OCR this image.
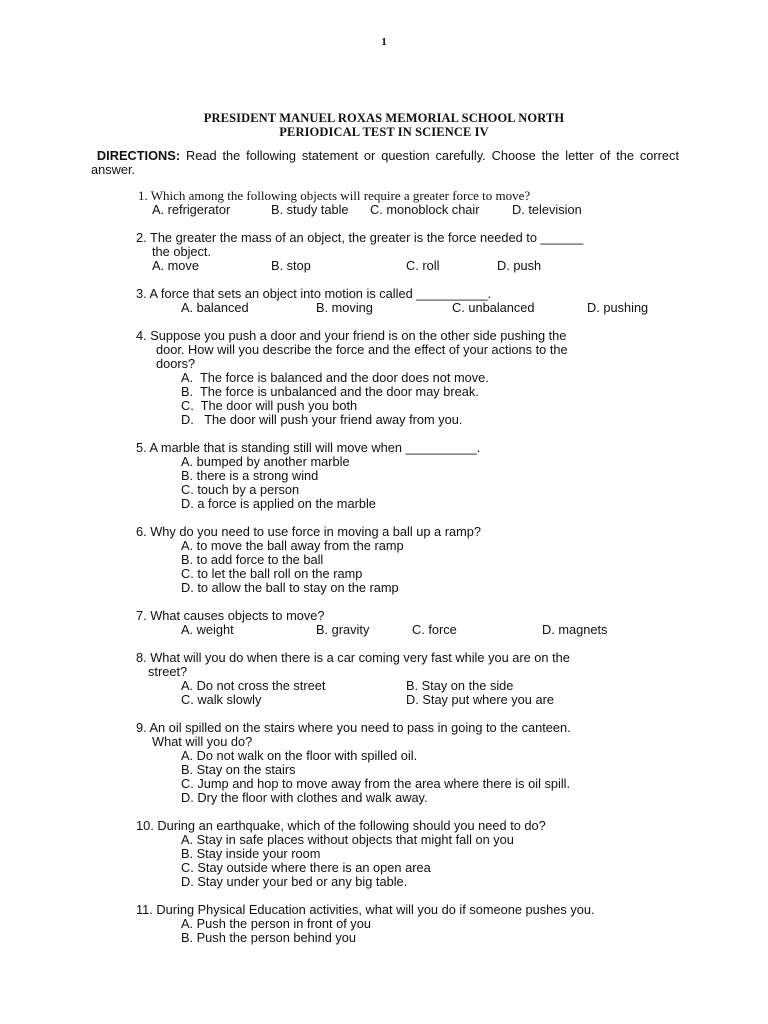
1
PRESIDENT MANUEL ROXAS MEMORIAL SCHOOL NORTH
PERIODICAL TEST IN SCIENCE IV
DIRECTIONS: Read the following statement or question carefully. Choose the letter of the correct answer.
1. Which among the following objects will require a greater force to move?
A. refrigerator	B. study table C. monoblock chair	D. television
2. The greater the mass of an object, the greater is the force needed to ______
the object.
A. move	B. stop	C. roll	D. push
3. A force that sets an object into motion is called __________.
A. balanced	B. moving	C. unbalanced	D. pushing
4. Suppose you push a door and your friend is on the other side pushing the
door. How will you describe the force and the effect of your actions to the
doors?
A.  The force is balanced and the door does not move.
B.  The force is unbalanced and the door may break.
C.  The door will push you both
D.   The door will push your friend away from you.
5. A marble that is standing still will move when __________.
A. bumped by another marble
B. there is a strong wind
C. touch by a person
D. a force is applied on the marble
6. Why do you need to use force in moving a ball up a ramp?
A. to move the ball away from the ramp
B. to add force to the ball
C. to let the ball roll on the ramp
D. to allow the ball to stay on the ramp
7. What causes objects to move?
A. weight	B. gravity	C. force	D. magnets
8. What will you do when there is a car coming very fast while you are on the
street?
A. Do not cross the street	B. Stay on the side
C. walk slowly	D. Stay put where you are
9. An oil spilled on the stairs where you need to pass in going to the canteen.
What will you do?
A. Do not walk on the floor with spilled oil.
B. Stay on the stairs
C. Jump and hop to move away from the area where there is oil spill.
D. Dry the floor with clothes and walk away.
10. During an earthquake, which of the following should you need to do?
A. Stay in safe places without objects that might fall on you
B. Stay inside your room
C. Stay outside where there is an open area
D. Stay under your bed or any big table.
11. During Physical Education activities, what will you do if someone pushes you.
A. Push the person in front of you
B. Push the person behind you
